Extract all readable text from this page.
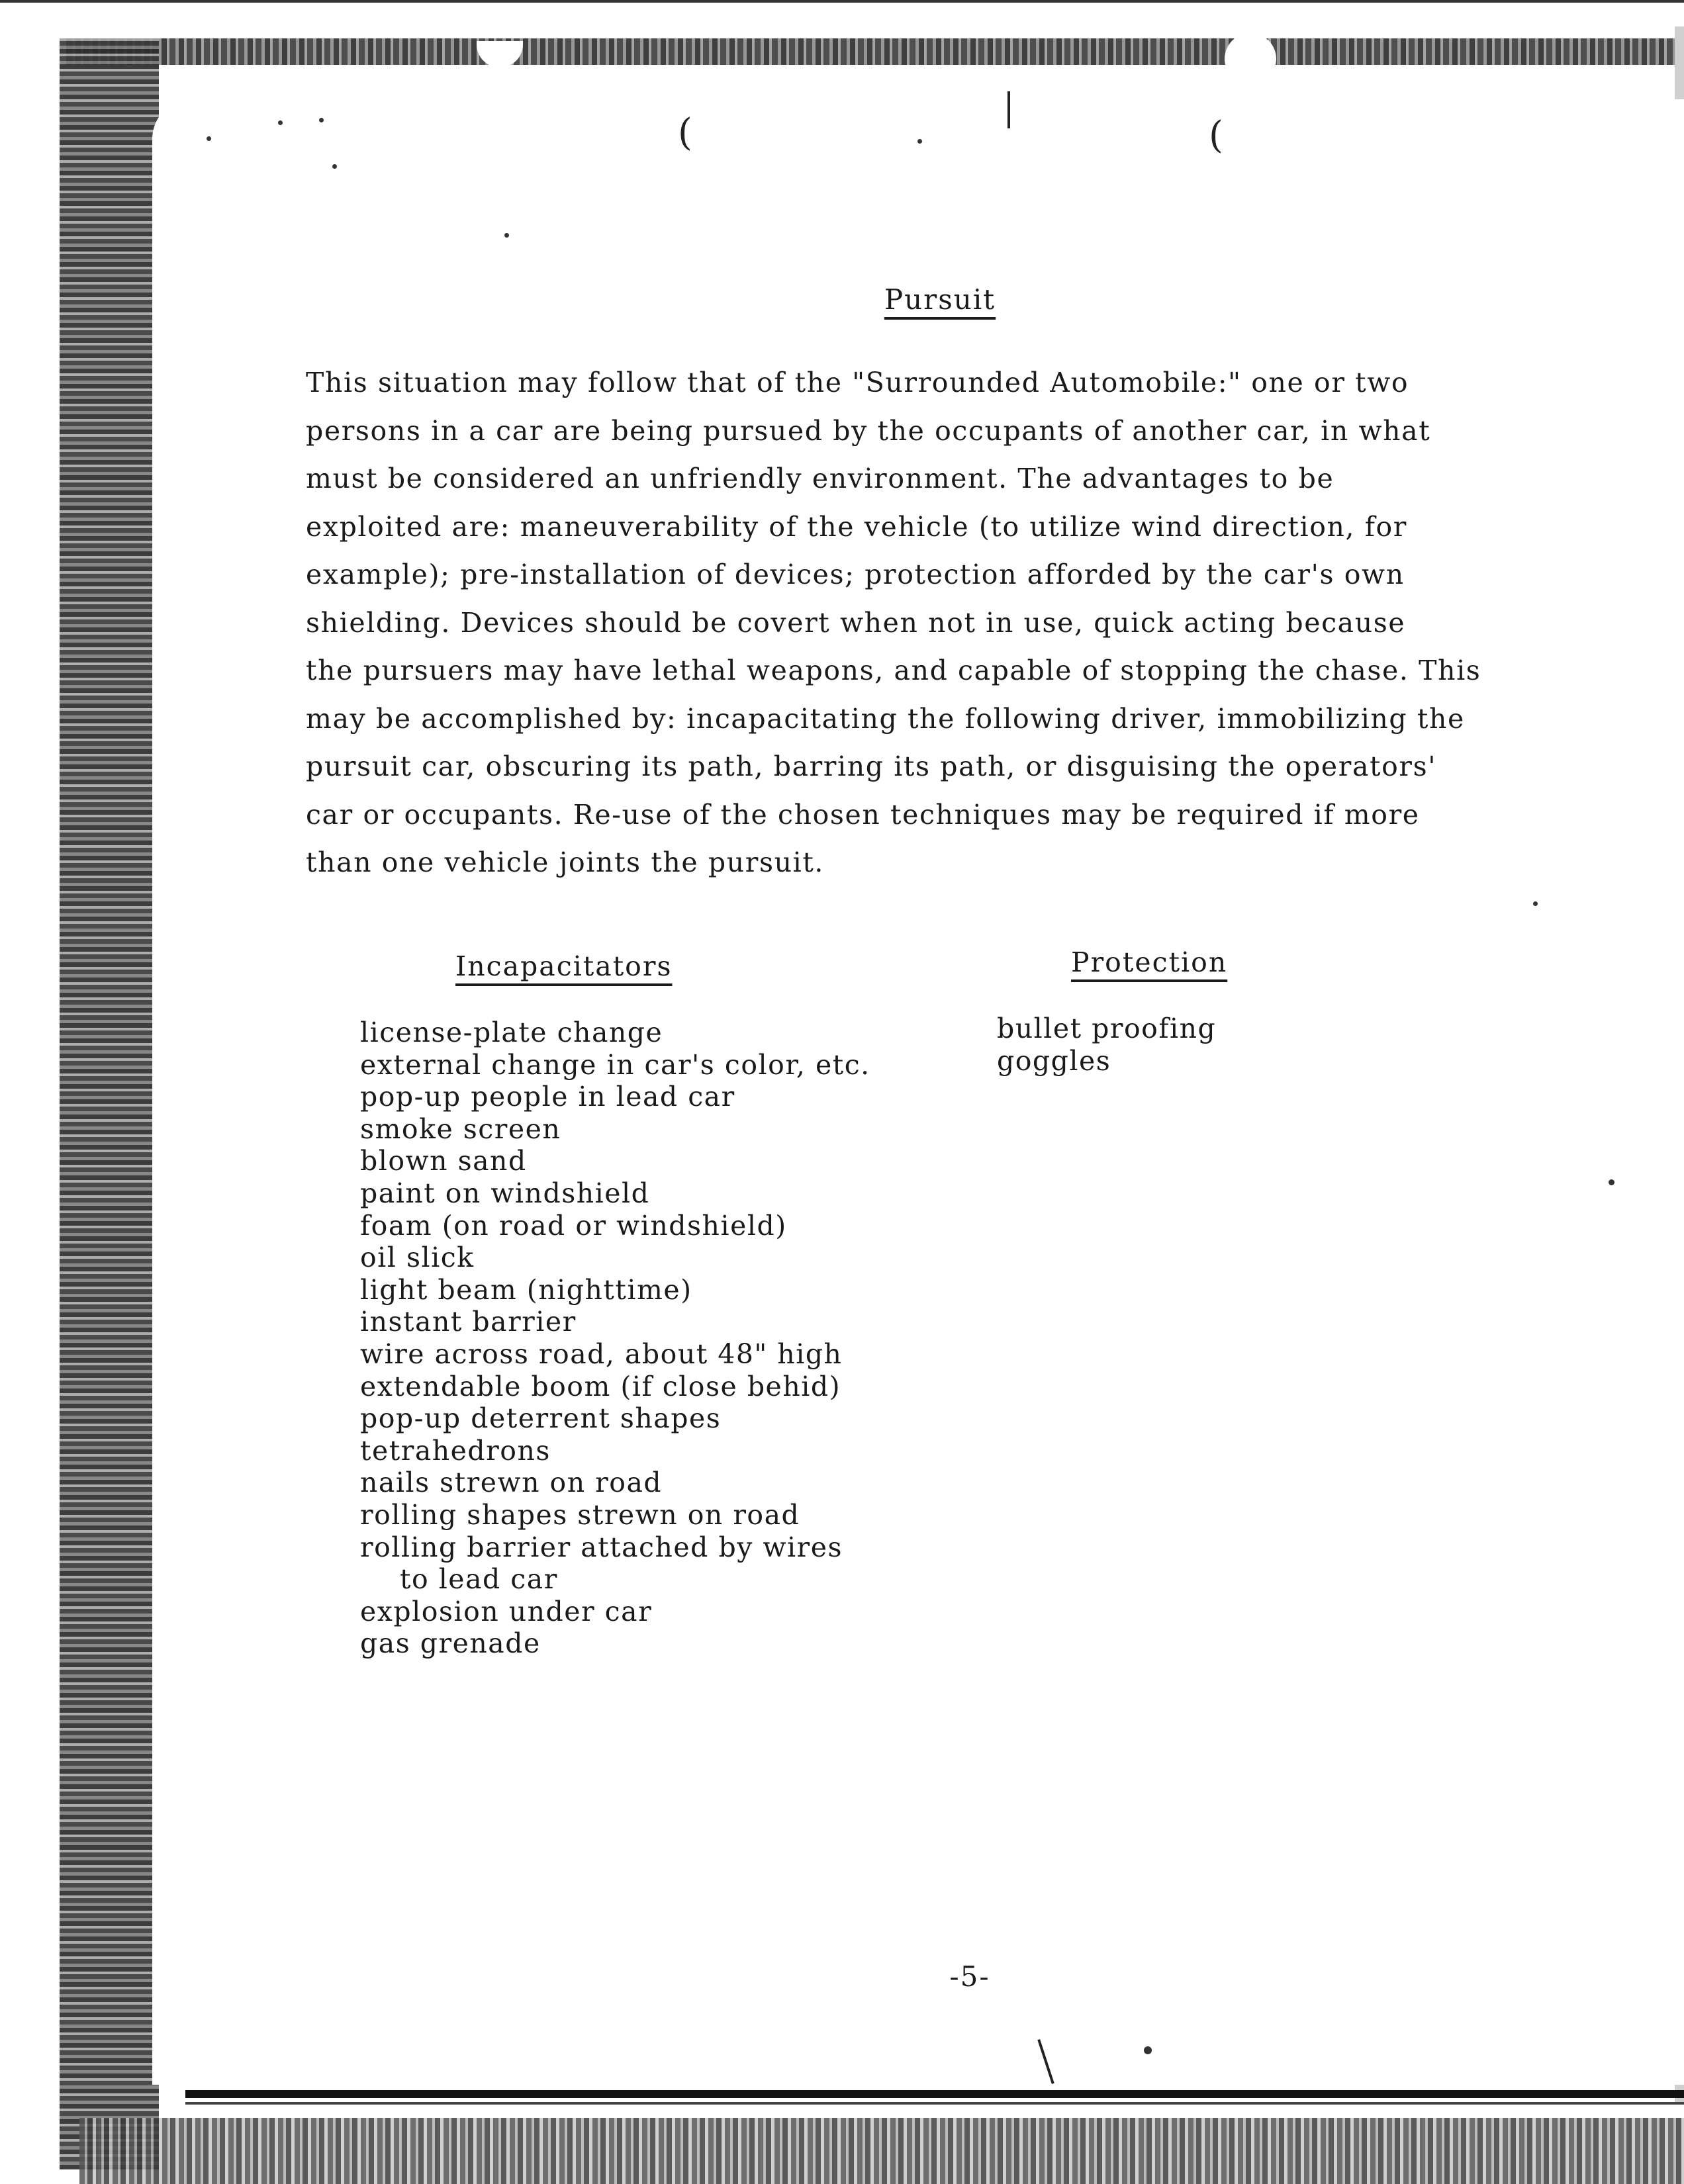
(	(
Pursuit
This situation may follow that of the "Surrounded Automobile:" one or two
persons in a car are being pursued by the occupants of another car, in what
must be considered an unfriendly environment. The advantages to be
exploited are: maneuverability of the vehicle (to utilize wind direction, for
example); pre-installation of devices; protection afforded by the car's own
shielding. Devices should be covert when not in use, quick acting because
the pursuers may have lethal weapons, and capable of stopping the chase. This
may be accomplished by: incapacitating the following driver, immobilizing the
pursuit car, obscuring its path, barring its path, or disguising the operators'
car or occupants. Re-use of the chosen techniques may be required if more
than one vehicle joints the pursuit.
Incapacitators	Protection
license-plate change
external change in car's color, etc.
pop-up people in lead car
smoke screen
blown sand
paint on windshield
foam (on road or windshield)
oil slick
light beam (nighttime)
instant barrier
wire across road, about 48" high
extendable boom (if close behid)
pop-up deterrent shapes
tetrahedrons
nails strewn on road
rolling shapes strewn on road
rolling barrier attached by wires
to lead car
explosion under car
gas grenade
bullet proofing
goggles
-5-
